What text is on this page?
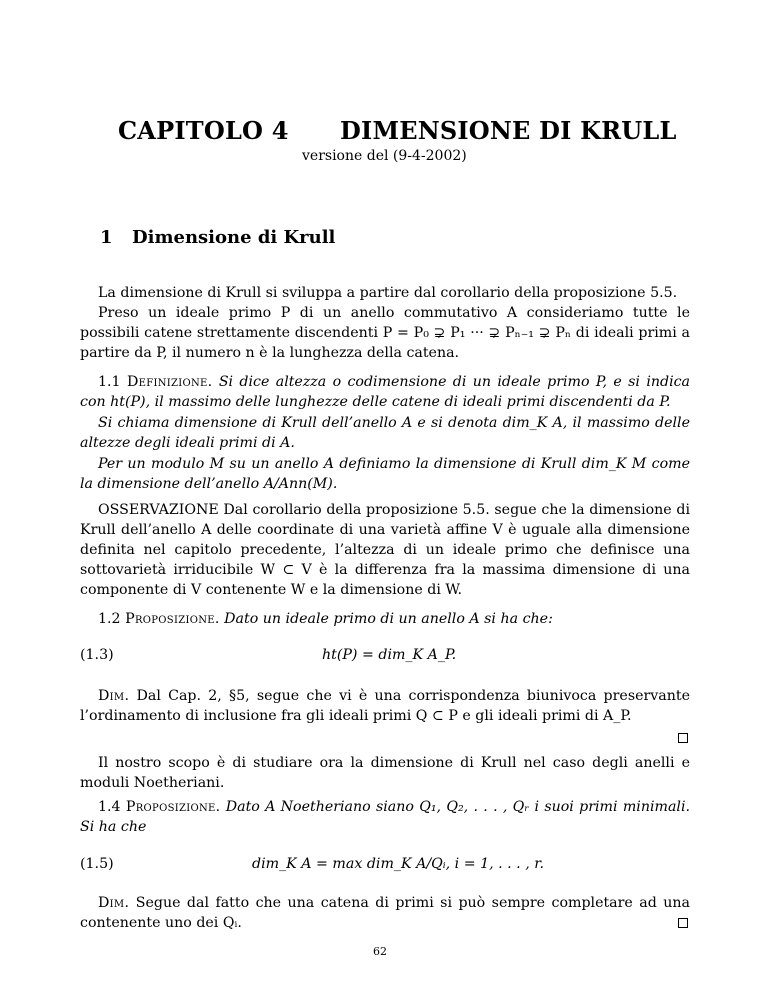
CAPITOLO 4 DIMENSIONE DI KRULL
versione del (9-4-2002)
1 Dimensione di Krull

La dimensione di Krull si sviluppa a partire dal corollario della proposizione 5.5.

Preso un ideale primo P di un anello commutativo A consideriamo tutte le possibili catene strettamente discendenti P = P₀ ⊋ P₁ ··· ⊋ Pₙ₋₁ ⊋ Pₙ di ideali primi a partire da P, il numero n è la lunghezza della catena.

1.1 Definizione. Si dice altezza o codimensione di un ideale primo P, e si indica con ht(P), il massimo delle lunghezze delle catene di ideali primi discendenti da P.

Si chiama dimensione di Krull dell’anello A e si denota dim_K A, il massimo delle altezze degli ideali primi di A.

Per un modulo M su un anello A definiamo la dimensione di Krull dim_K M come la dimensione dell’anello A/Ann(M).

OSSERVAZIONE Dal corollario della proposizione 5.5. segue che la dimensione di Krull dell’anello A delle coordinate di una varietà affine V è uguale alla dimensione definita nel capitolo precedente, l’altezza di un ideale primo che definisce una sottovarietà irriducibile W ⊂ V è la differenza fra la massima dimensione di una componente di V contenente W e la dimensione di W.

1.2 Proposizione. Dato un ideale primo di un anello A si ha che:

(1.3)	ht(P) = dim_K A_P.

Dim. Dal Cap. 2, §5, segue che vi è una corrispondenza biunivoca preservante l’ordinamento di inclusione fra gli ideali primi Q ⊂ P e gli ideali primi di A_P.

Il nostro scopo è di studiare ora la dimensione di Krull nel caso degli anelli e moduli Noetheriani.

1.4 Proposizione. Dato A Noetheriano siano Q₁, Q₂, . . . , Qᵣ i suoi primi minimali. Si ha che

(1.5)	dim_K A = max dim_K A/Qᵢ, i = 1, . . . , r.

Dim. Segue dal fatto che una catena di primi si può sempre completare ad una contenente uno dei Qᵢ.

62
